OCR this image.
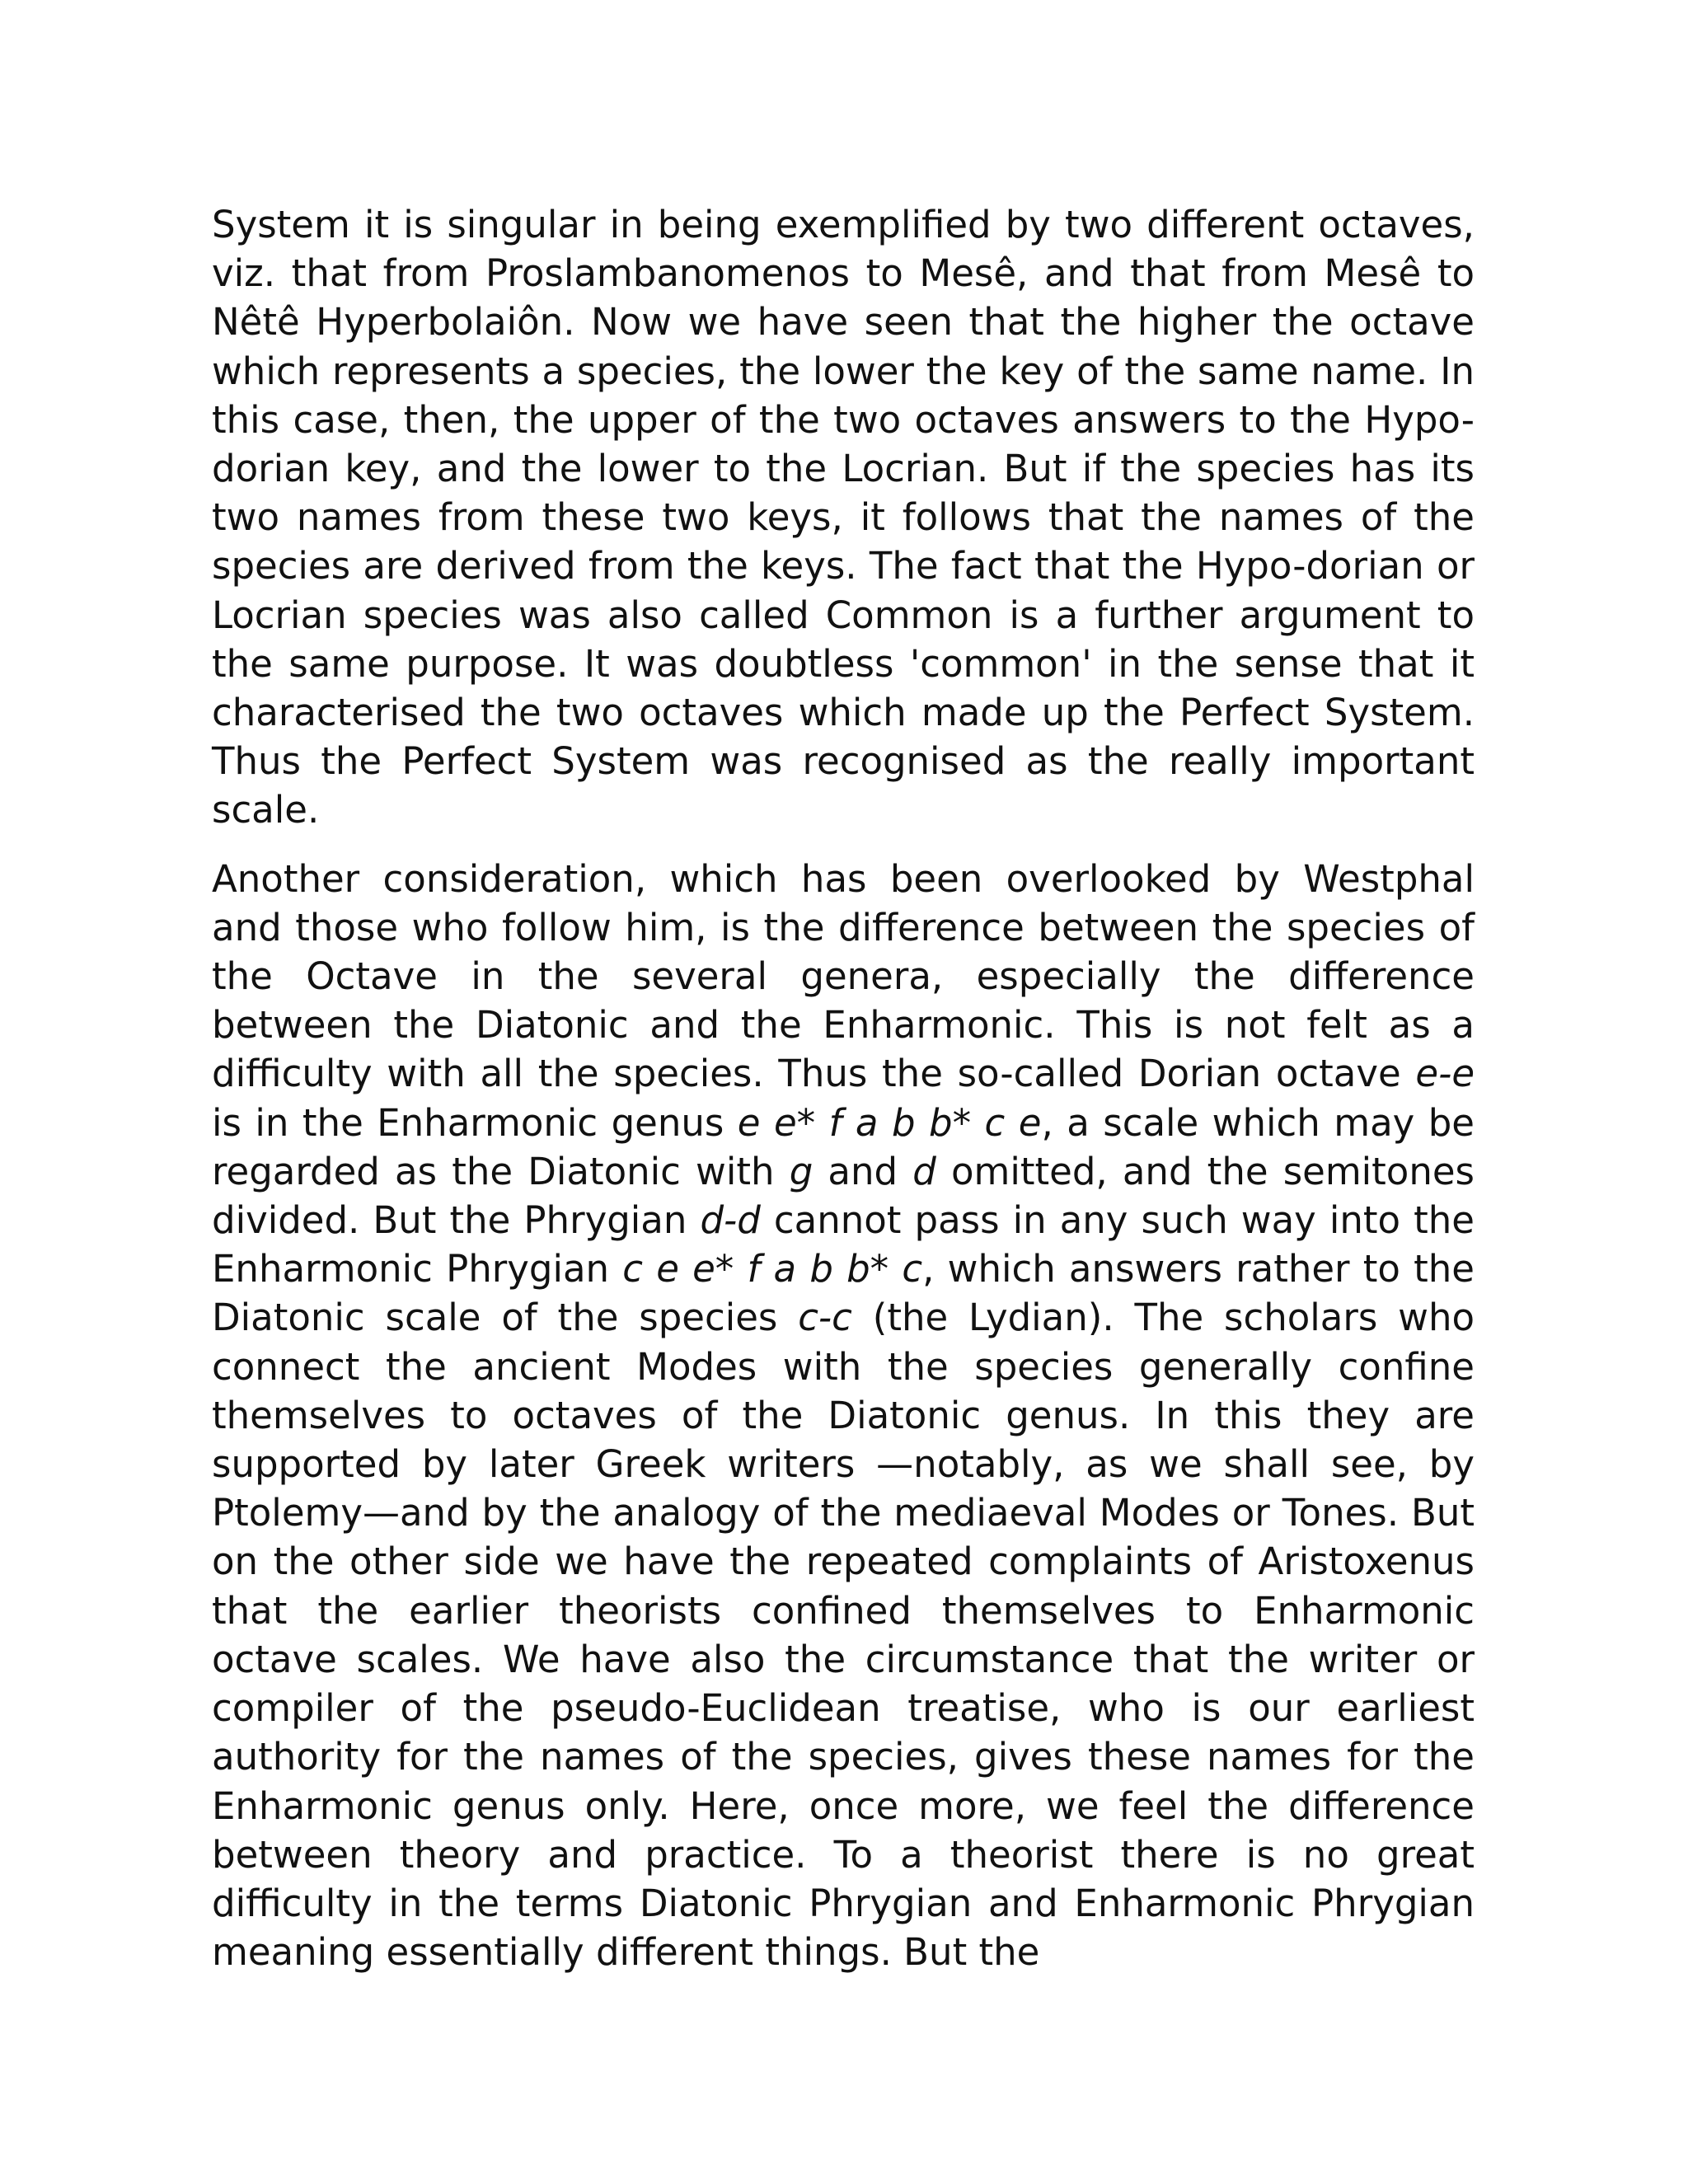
System it is singular in being exemplified by two different octaves, viz. that from Proslambanomenos to Mesê, and that from Mesê to Nêtê Hyperbolaiôn. Now we have seen that the higher the octave which represents a species, the lower the key of the same name. In this case, then, the upper of the two octaves answers to the Hypo-dorian key, and the lower to the Locrian. But if the species has its two names from these two keys, it follows that the names of the species are derived from the keys. The fact that the Hypo-dorian or Locrian species was also called Common is a further argument to the same purpose. It was doubtless 'common' in the sense that it characterised the two octaves which made up the Perfect System. Thus the Perfect System was recognised as the really important scale.

Another consideration, which has been overlooked by Westphal and those who follow him, is the difference between the species of the Octave in the several genera, especially the difference between the Diatonic and the Enharmonic. This is not felt as a difficulty with all the species. Thus the so-called Dorian octave e-e is in the Enharmonic genus e e* f a b b* c e, a scale which may be regarded as the Diatonic with g and d omitted, and the semitones divided. But the Phrygian d-d cannot pass in any such way into the Enharmonic Phrygian c e e* f a b b* c, which answers rather to the Diatonic scale of the species c-c (the Lydian). The scholars who connect the ancient Modes with the species generally confine themselves to octaves of the Diatonic genus. In this they are supported by later Greek writers —notably, as we shall see, by Ptolemy—and by the analogy of the mediaeval Modes or Tones. But on the other side we have the repeated complaints of Aristoxenus that the earlier theorists confined themselves to Enharmonic octave scales. We have also the circumstance that the writer or compiler of the pseudo-Euclidean treatise, who is our earliest authority for the names of the species, gives these names for the Enharmonic genus only. Here, once more, we feel the difference between theory and practice. To a theorist there is no great difficulty in the terms Diatonic Phrygian and Enharmonic Phrygian meaning essentially different things. But the
